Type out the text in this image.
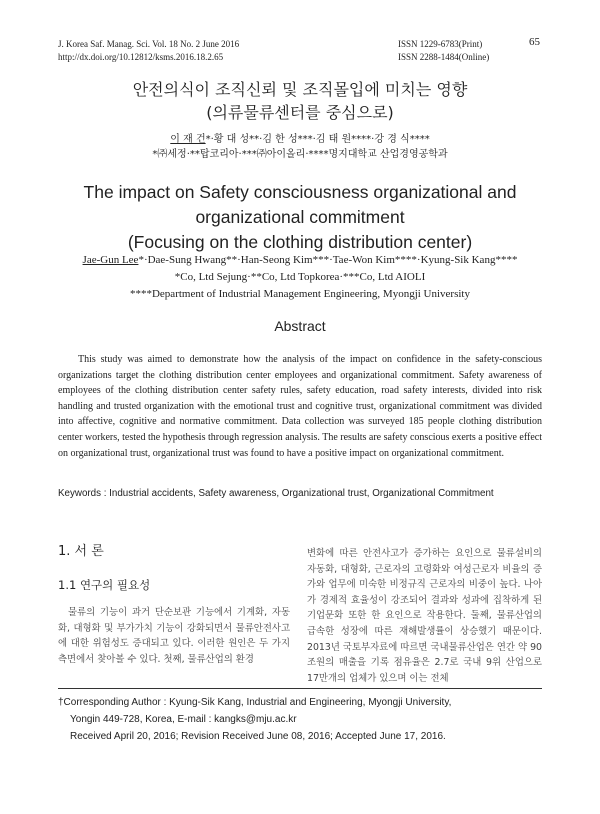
J. Korea Saf. Manag. Sci. Vol. 18 No. 2 June 2016
http://dx.doi.org/10.12812/ksms.2016.18.2.65
ISSN 1229-6783(Print)
ISSN 2288-1484(Online)
65
안전의식이 조직신뢰 및 조직몰입에 미치는 영향
(의류물류센터를 중심으로)
이 재 건*·황 대 성**·김 한 성***·김 태 원****·강 경 식****
*㈜세정·**탑코리아·***㈜아이올리·****명지대학교 산업경영공학과
The impact on Safety consciousness organizational and
organizational commitment
(Focusing on the clothing distribution center)
Jae-Gun Lee*·Dae-Sung Hwang**·Han-Seong Kim***·Tae-Won Kim****·Kyung-Sik Kang****
*Co, Ltd Sejung·**Co, Ltd Topkorea·***Co, Ltd AIOLI
****Department of Industrial Management Engineering, Myongji University
Abstract
This study was aimed to demonstrate how the analysis of the impact on confidence in the safety-conscious organizations target the clothing distribution center employees and organizational commitment. Safety awareness of employees of the clothing distribution center safety rules, safety education, road safety interests, divided into risk handling and trusted organization with the emotional trust and cognitive trust, organizational commitment was divided into affective, cognitive and normative commitment. Data collection was surveyed 185 people clothing distribution center workers, tested the hypothesis through regression analysis. The results are safety conscious exerts a positive effect on organizational trust, organizational trust was found to have a positive impact on organizational commitment.
Keywords : Industrial accidents, Safety awareness, Organizational trust, Organizational Commitment
1. 서 론
1.1 연구의 필요성

물류의 기능이 과거 단순보관 기능에서 기계화, 자동화, 대형화 및 부가가치 기능이 강화되면서 물류안전사고에 대한 위험성도 증대되고 있다. 이러한 원인은 두 가지 측면에서 찾아볼 수 있다. 첫째, 물류산업의 환경

변화에 따른 안전사고가 증가하는 요인으로 물류설비의 자동화, 대형화, 근로자의 고령화와 여성근로자 비율의 증가와 업무에 미숙한 비정규직 근로자의 비중이 높다. 나아가 경제적 효율성이 강조되어 결과와 성과에 집착하게 된 기업문화 또한 한 요인으로 작용한다. 둘째, 물류산업의 급속한 성장에 따른 재해발생률이 상승했기 때문이다. 2013년 국토부자료에 따르면 국내물류산업은 연간 약 90조원의 매출을 기록 점유율은 2.7로 국내 9위 산업으로 17만개의 업체가 있으며 이는 전체

†Corresponding Author : Kyung-Sik Kang, Industrial and Engineering, Myongji University,
Yongin 449-728, Korea, E-mail : kangks@mju.ac.kr
Received April 20, 2016; Revision Received June 08, 2016; Accepted June 17, 2016.
